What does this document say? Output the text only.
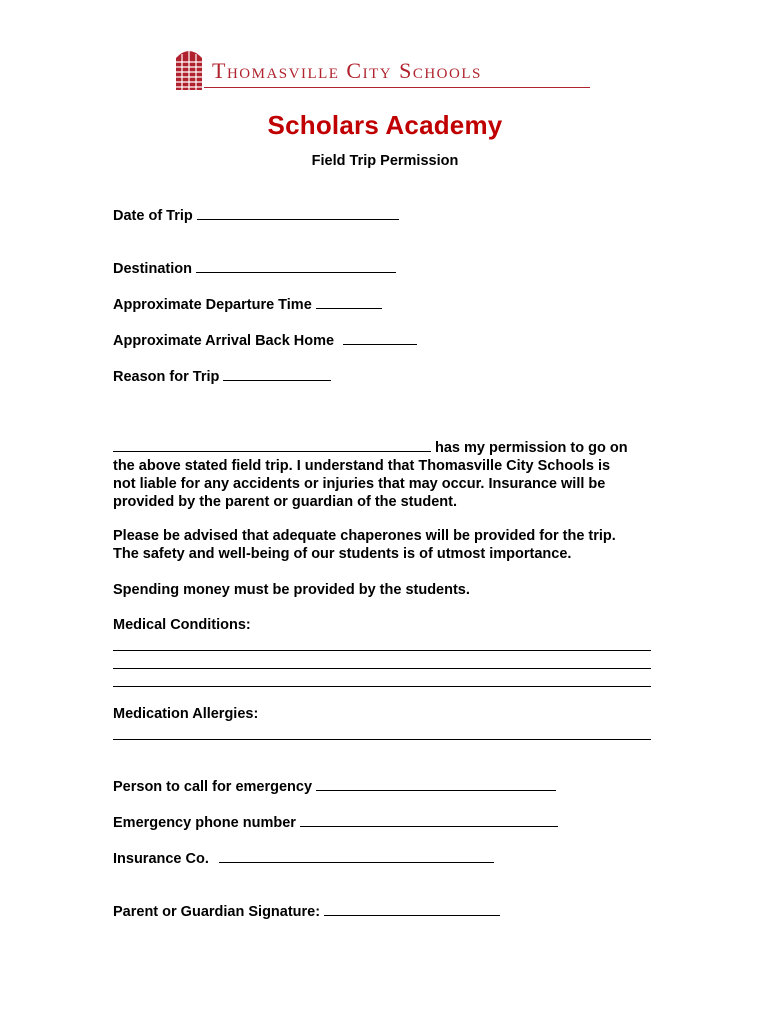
Thomasville City Schools
Scholars Academy
Field Trip Permission
Date of Trip
Destination
Approximate Departure Time
Approximate Arrival Back Home
Reason for Trip
has my permission to go on
the above stated field trip. I understand that Thomasville City Schools is
not liable for any accidents or injuries that may occur. Insurance will be
provided by the parent or guardian of the student.
Please be advised that adequate chaperones will be provided for the trip.
The safety and well-being of our students is of utmost importance.
Spending money must be provided by the students.
Medical Conditions:
Medication Allergies:
Person to call for emergency
Emergency phone number
Insurance Co.
Parent or Guardian Signature:
